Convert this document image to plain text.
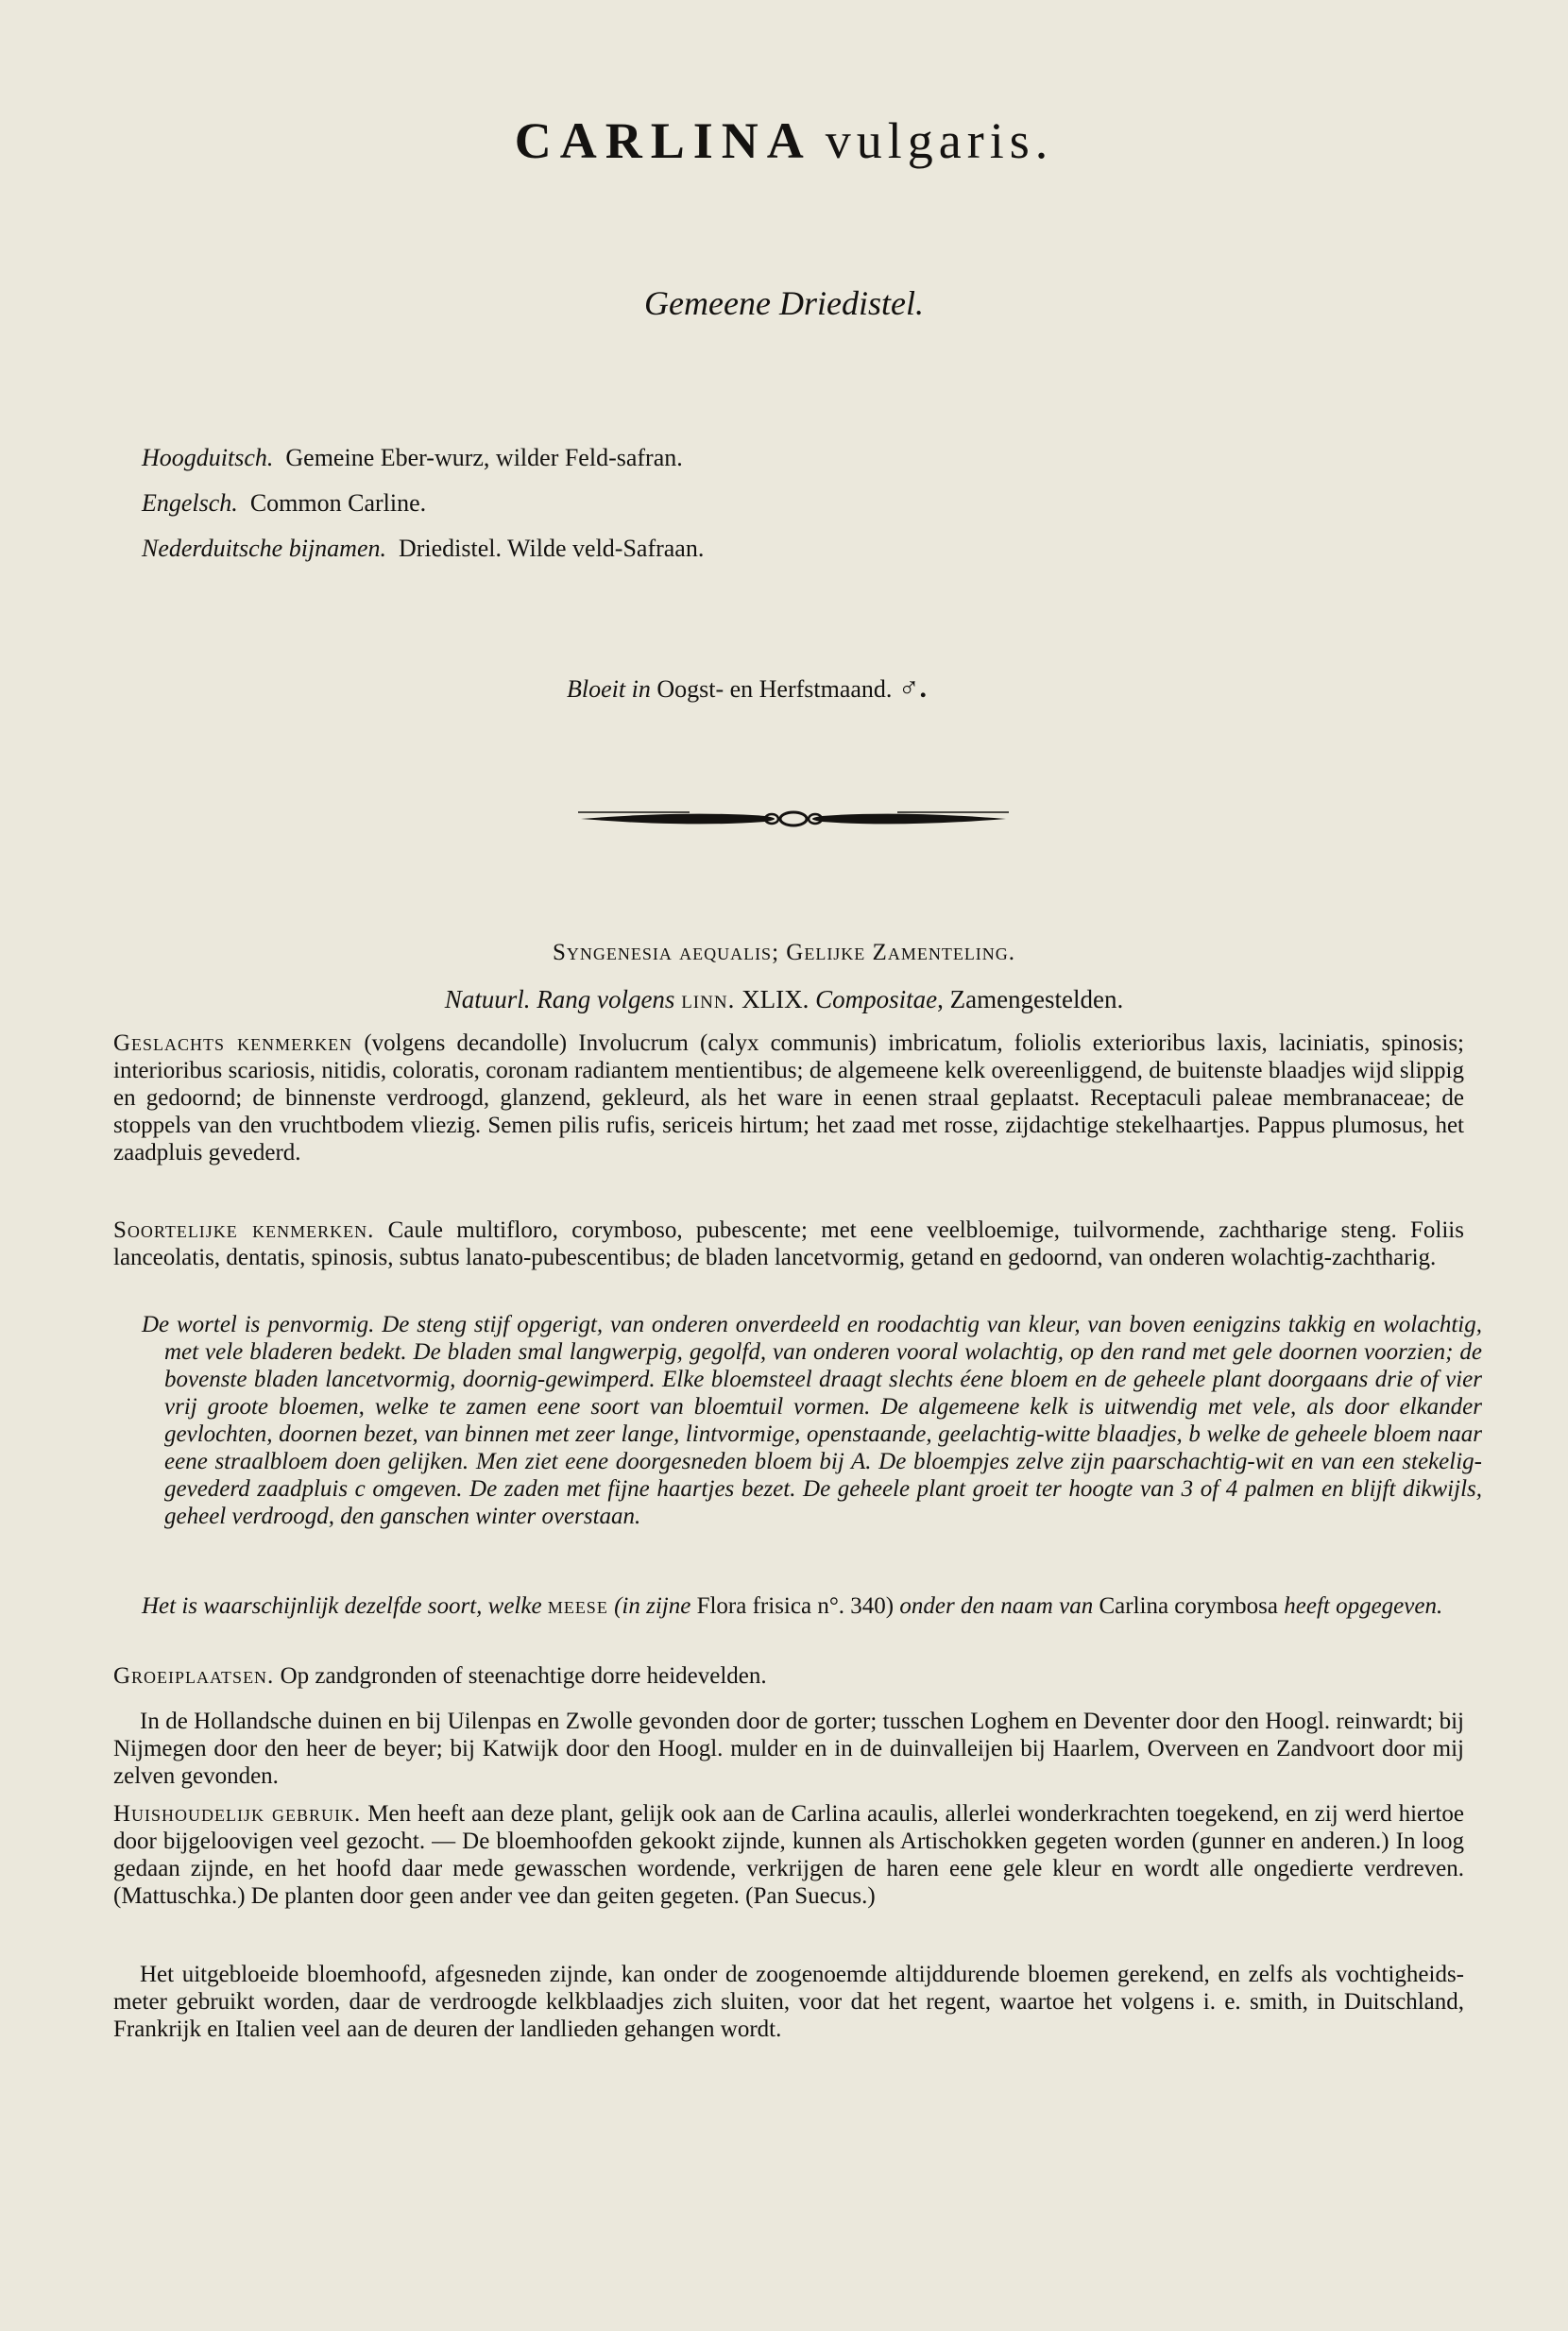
CARLINA vulgaris.
Gemeene Driedistel.
Hoogduitsch. Gemeine Eber-wurz, wilder Feld-safran.
Engelsch. Common Carline.
Nederduitsche bijnamen. Driedistel. Wilde veld-Safraan.
Bloeit in Oogst- en Herfstmaand. ♂.
Syngenesia aequalis; Gelijke Zamenteling.
Natuurl. Rang volgens linn. XLIX. Compositae, Zamengestelden.
Geslachts kenmerken (volgens decandolle) Involucrum (calyx communis) imbricatum, foliolis exterioribus laxis, laciniatis, spinosis; interioribus scariosis, nitidis, coloratis, coronam radiantem mentientibus; de algemeene kelk overeenliggend, de buitenste blaadjes wijd slippig en gedoornd; de binnenste verdroogd, glanzend, gekleurd, als het ware in eenen straal geplaatst. Receptaculi paleae membranaceae; de stoppels van den vruchtbodem vliezig. Semen pilis rufis, sericeis hirtum; het zaad met rosse, zijdachtige stekelhaartjes. Pappus plumosus, het zaadpluis gevederd.
Soortelijke kenmerken. Caule multifloro, corymboso, pubescente; met eene veelbloemige, tuilvormende, zachtharige steng. Foliis lanceolatis, dentatis, spinosis, subtus lanato-pubescentibus; de bladen lancetvormig, getand en gedoornd, van onderen wolachtig-zachtharig.
De wortel is penvormig. De steng stijf opgerigt, van onderen onverdeeld en roodachtig van kleur, van boven eenigzins takkig en wolachtig, met vele bladeren bedekt. De bladen smal langwerpig, gegolfd, van onderen vooral wolachtig, op den rand met gele doornen voorzien; de bovenste bladen lancetvormig, doornig-gewimperd. Elke bloemsteel draagt slechts éene bloem en de geheele plant doorgaans drie of vier vrij groote bloemen, welke te zamen eene soort van bloemtuil vormen. De algemeene kelk is uitwendig met vele, als door elkander gevlochten, doornen bezet, van binnen met zeer lange, lintvormige, openstaande, geelachtig-witte blaadjes, b welke de geheele bloem naar eene straalbloem doen gelijken. Men ziet eene doorgesneden bloem bij A. De bloempjes zelve zijn paarschachtig-wit en van een stekelig-gevederd zaadpluis c omgeven. De zaden met fijne haartjes bezet. De geheele plant groeit ter hoogte van 3 of 4 palmen en blijft dikwijls, geheel verdroogd, den ganschen winter overstaan.
Het is waarschijnlijk dezelfde soort, welke meese (in zijne Flora frisica n°. 340) onder den naam van Carlina corymbosa heeft opgegeven.
Groeiplaatsen. Op zandgronden of steenachtige dorre heidevelden.
In de Hollandsche duinen en bij Uilenpas en Zwolle gevonden door de gorter; tusschen Loghem en Deventer door den Hoogl. reinwardt; bij Nijmegen door den heer de beyer; bij Katwijk door den Hoogl. mulder en in de duinvalleijen bij Haarlem, Overveen en Zandvoort door mij zelven gevonden.
Huishoudelijk gebruik. Men heeft aan deze plant, gelijk ook aan de Carlina acaulis, allerlei wonderkrachten toegekend, en zij werd hiertoe door bijgeloovigen veel gezocht. — De bloemhoofden gekookt zijnde, kunnen als Artischokken gegeten worden (gunner en anderen.) In loog gedaan zijnde, en het hoofd daar mede gewasschen wordende, verkrijgen de haren eene gele kleur en wordt alle ongedierte verdreven. (Mattuschka.) De planten door geen ander vee dan geiten gegeten. (Pan Suecus.)
Het uitgebloeide bloemhoofd, afgesneden zijnde, kan onder de zoogenoemde altijddurende bloemen gerekend, en zelfs als vochtigheids-meter gebruikt worden, daar de verdroogde kelkblaadjes zich sluiten, voor dat het regent, waartoe het volgens i. e. smith, in Duitschland, Frankrijk en Italien veel aan de deuren der landlieden gehangen wordt.
